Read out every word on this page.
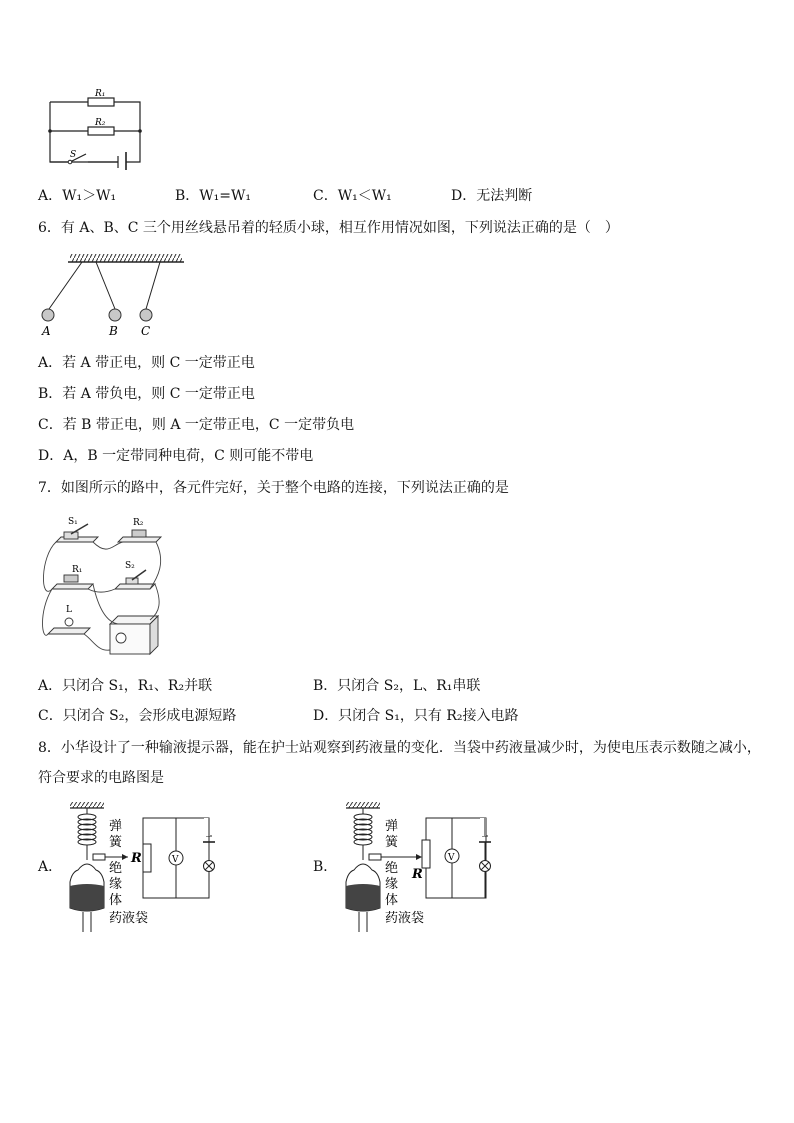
R₁
R₂
S
A．W₁＞W₁	B．W₁=W₁	C．W₁＜W₁	D．无法判断
6．有 A、B、C 三个用丝线悬吊着的轻质小球，相互作用情况如图，下列说法正确的是（　）
A	B C
A．若 A 带正电，则 C 一定带正电
B．若 A 带负电，则 C 一定带正电
C．若 B 带正电，则 A 一定带正电，C 一定带负电
D．A，B 一定带同种电荷，C 则可能不带电
7．如图所示的路中，各元件完好，关于整个电路的连接，下列说法正确的是
S₁	R₂
R₁	S₂
L
A．只闭合 S₁，R₁、R₂并联	B．只闭合 S₂，L、R₁串联
C．只闭合 S₂，会形成电源短路	D．只闭合 S₁，只有 R₂接入电路
8．小华设计了一种输液提示器，能在护士站观察到药液量的变化．当袋中药液量减少时，为使电压表示数随之减小，
符合要求的电路图是
A．	B．
V
R
弹
簧
绝
缘
体
药液袋
V
R
弹
簧
绝
缘
体
药液袋
